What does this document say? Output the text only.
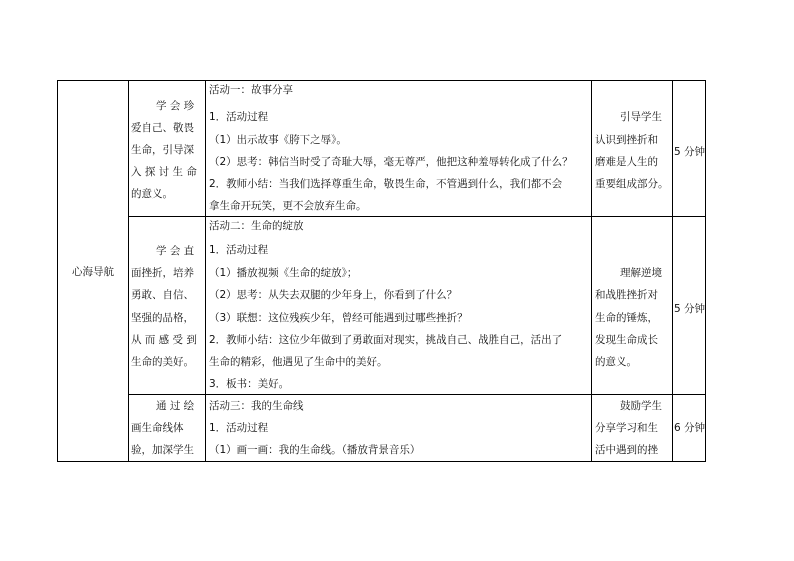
心海导航
学 会 珍
爱自己、敬畏
生命，引导深
入 探 讨 生 命
的意义。
活动一：故事分享
1．活动过程
（1）出示故事《胯下之辱》。
（2）思考：韩信当时受了奇耻大辱，毫无尊严，他把这种羞辱转化成了什么？
2．教师小结：当我们选择尊重生命，敬畏生命，不管遇到什么，我们都不会
拿生命开玩笑，更不会放弃生命。
引导学生
认识到挫折和
磨难是人生的
重要组成部分。
5 分钟
学 会 直
面挫折，培养
勇敢、自信、
坚强的品格，
从 而 感 受 到
生命的美好。
活动二：生命的绽放
1．活动过程
（1）播放视频《生命的绽放》；
（2）思考：从失去双腿的少年身上，你看到了什么？
（3）联想：这位残疾少年，曾经可能遇到过哪些挫折？
2．教师小结：这位少年做到了勇敢面对现实，挑战自己、战胜自己，活出了
生命的精彩，他遇见了生命中的美好。
3．板书：美好。
理解逆境
和战胜挫折对
生命的锤炼，
发现生命成长
的意义。
5 分钟
通 过 绘
画生命线体
验，加深学生
活动三：我的生命线
1．活动过程
（1）画一画：我的生命线。（播放背景音乐）
鼓励学生
分享学习和生
活中遇到的挫
6 分钟
